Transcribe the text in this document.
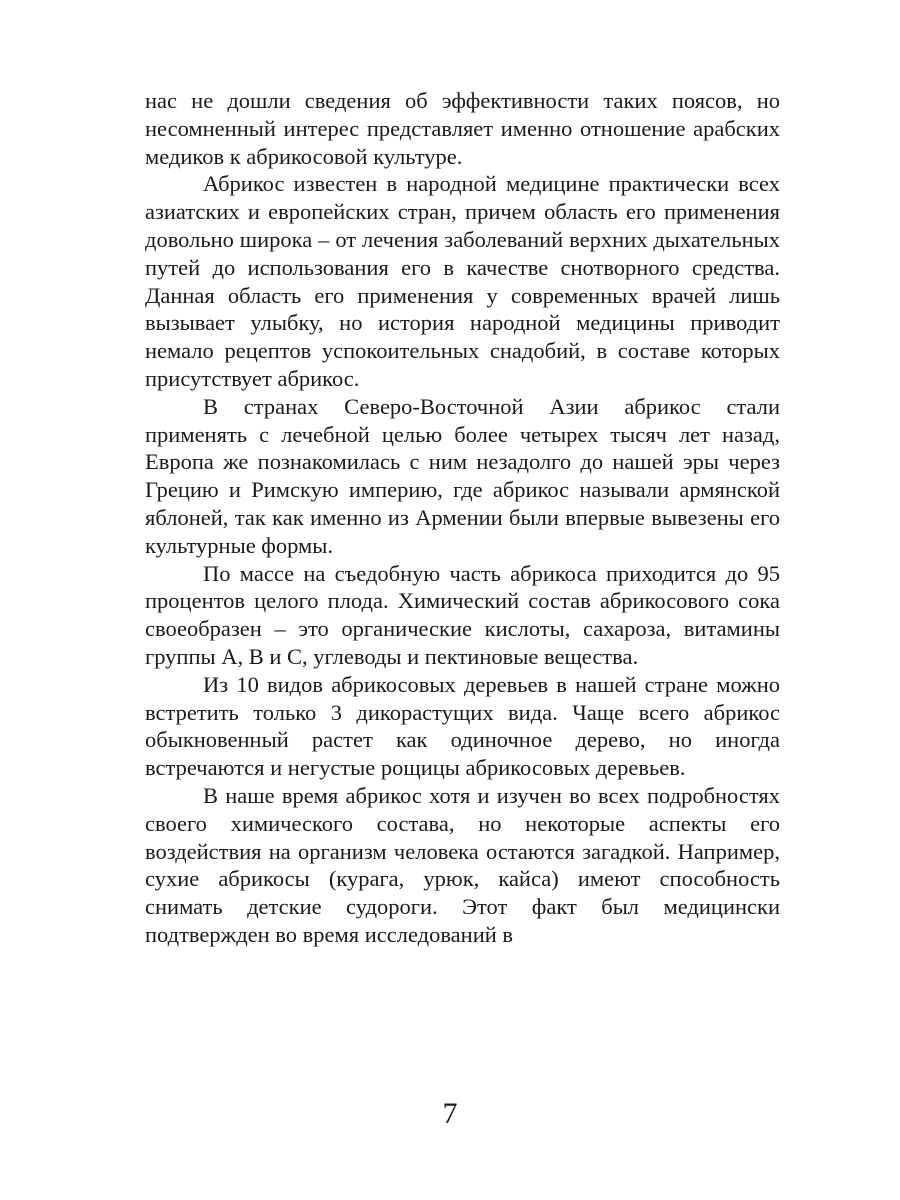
нас не дошли сведения об эффективности таких поясов, но несомненный интерес представляет именно отношение арабских медиков к абрикосовой культуре.

Абрикос известен в народной медицине практически всех азиатских и европейских стран, причем область его применения довольно широка – от лечения заболеваний верхних дыхательных путей до использования его в качестве снотворного средства. Данная область его применения у современных врачей лишь вызывает улыбку, но история народной медицины приводит немало рецептов успокоительных снадобий, в составе которых присутствует абрикос.

В странах Северо-Восточной Азии абрикос стали применять с лечебной целью более четырех тысяч лет назад, Европа же познакомилась с ним незадолго до нашей эры через Грецию и Римскую империю, где абрикос называли армянской яблоней, так как именно из Армении были впервые вывезены его культурные формы.

По массе на съедобную часть абрикоса приходится до 95 процентов целого плода. Химический состав абрикосового сока своеобразен – это органические кислоты, сахароза, витамины группы А, В и С, углеводы и пектиновые вещества.

Из 10 видов абрикосовых деревьев в нашей стране можно встретить только 3 дикорастущих вида. Чаще всего абрикос обыкновенный растет как одиночное дерево, но иногда встречаются и негустые рощицы абрикосовых деревьев.

В наше время абрикос хотя и изучен во всех подробностях своего химического состава, но некоторые аспекты его воздействия на организм человека остаются загадкой. Например, сухие абрикосы (курага, урюк, кайса) имеют способность снимать детские судороги. Этот факт был медицински подтвержден во время исследований в

7
